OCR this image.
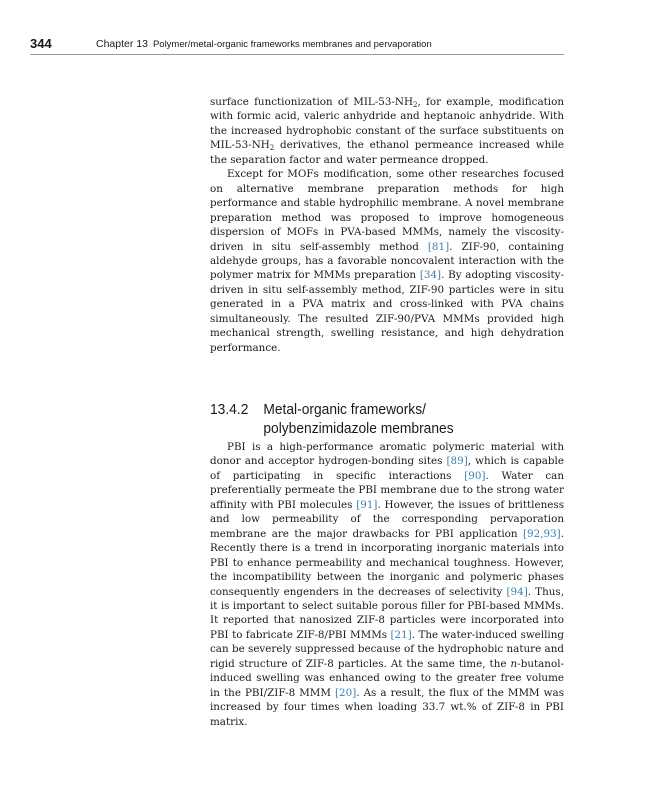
344	Chapter 13 Polymer/metal-organic frameworks membranes and pervaporation

surface functionization of MIL-$53-NH_2$, for example, modification with formic acid, valeric anhydride and heptanoic anhydride. With the increased hydrophobic constant of the surface substituents on MIL-$53-NH_2$ derivatives, the ethanol permeance increased while the separation factor and water permeance dropped.

Except for MOFs modification, some other researches focused on alternative membrane preparation methods for high performance and stable hydrophilic membrane. A novel membrane preparation method was proposed to improve homogeneous dispersion of MOFs in PVA-based MMMs, namely the viscosity-driven in situ self-assembly method [81]. ZIF-90, containing aldehyde groups, has a favorable noncovalent interaction with the polymer matrix for MMMs preparation [34]. By adopting viscosity-driven in situ self-assembly method, ZIF-90 particles were in situ generated in a PVA matrix and cross-linked with PVA chains simultaneously. The resulted ZIF-90/PVA MMMs provided high mechanical strength, swelling resistance, and high dehydration performance.

13.4.2 Metal-organic frameworks/
polybenzimidazole membranes

PBI is a high-performance aromatic polymeric material with donor and acceptor hydrogen-bonding sites [89], which is capable of participating in specific interactions [90]. Water can preferentially permeate the PBI membrane due to the strong water affinity with PBI molecules [91]. However, the issues of brittleness and low permeability of the corresponding pervaporation membrane are the major drawbacks for PBI application [92,93]. Recently there is a trend in incorporating inorganic materials into PBI to enhance permeability and mechanical toughness. However, the incompatibility between the inorganic and polymeric phases consequently engenders in the decreases of selectivity [94]. Thus, it is important to select suitable porous filler for PBI-based MMMs. It reported that nanosized ZIF-8 particles were incorporated into PBI to fabricate ZIF-8/PBI MMMs [21]. The water-induced swelling can be severely suppressed because of the hydrophobic nature and rigid structure of ZIF-8 particles. At the same time, the n-butanol-induced swelling was enhanced owing to the greater free volume in the PBI/ZIF-8 MMM [20]. As a result, the flux of the MMM was increased by four times when loading 33.7 wt.% of ZIF-8 in PBI matrix.
